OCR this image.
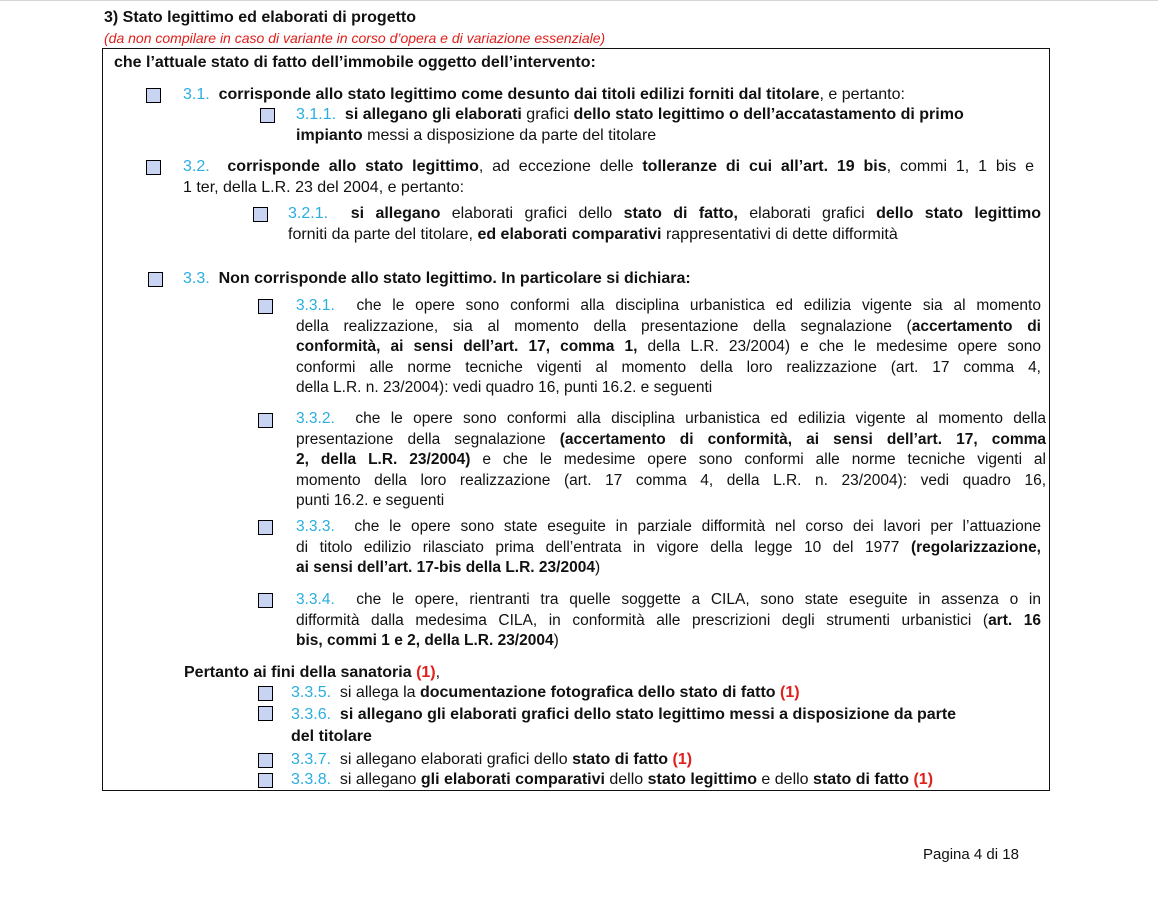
3) Stato legittimo ed elaborati di progetto
(da non compilare in caso di variante in corso d’opera e di variazione essenziale)
che l’attuale stato di fatto dell’immobile oggetto dell’intervento:
3.1. corrisponde allo stato legittimo come desunto dai titoli edilizi forniti dal titolare, e pertanto:
3.1.1. si allegano gli elaborati grafici dello stato legittimo o dell’accatastamento di primo
impianto messi a disposizione da parte del titolare
3.2. corrisponde allo stato legittimo, ad eccezione delle tolleranze di cui all’art. 19 bis, commi 1, 1 bis e
1 ter, della L.R. 23 del 2004, e pertanto:
3.2.1. si allegano elaborati grafici dello stato di fatto, elaborati grafici dello stato legittimo
forniti da parte del titolare, ed elaborati comparativi rappresentativi di dette difformità
3.3. Non corrisponde allo stato legittimo. In particolare si dichiara:
3.3.1. che le opere sono conformi alla disciplina urbanistica ed edilizia vigente sia al momento
della realizzazione, sia al momento della presentazione della segnalazione (accertamento di
conformità, ai sensi dell’art. 17, comma 1, della L.R. 23/2004) e che le medesime opere sono
conformi alle norme tecniche vigenti al momento della loro realizzazione (art. 17 comma 4,
della L.R. n. 23/2004): vedi quadro 16, punti 16.2. e seguenti
3.3.2. che le opere sono conformi alla disciplina urbanistica ed edilizia vigente al momento della
presentazione della segnalazione (accertamento di conformità, ai sensi dell’art. 17, comma
2, della L.R. 23/2004) e che le medesime opere sono conformi alle norme tecniche vigenti al
momento della loro realizzazione (art. 17 comma 4, della L.R. n. 23/2004): vedi quadro 16,
punti 16.2. e seguenti
3.3.3. che le opere sono state eseguite in parziale difformità nel corso dei lavori per l’attuazione
di titolo edilizio rilasciato prima dell’entrata in vigore della legge 10 del 1977 (regolarizzazione,
ai sensi dell’art. 17-bis della L.R. 23/2004)
3.3.4. che le opere, rientranti tra quelle soggette a CILA, sono state eseguite in assenza o in
difformità dalla medesima CILA, in conformità alle prescrizioni degli strumenti urbanistici (art. 16
bis, commi 1 e 2, della L.R. 23/2004)
Pertanto ai fini della sanatoria (1),
3.3.5. si allega la documentazione fotografica dello stato di fatto (1)
3.3.6. si allegano gli elaborati grafici dello stato legittimo messi a disposizione da parte
del titolare
3.3.7. si allegano elaborati grafici dello stato di fatto (1)
3.3.8. si allegano gli elaborati comparativi dello stato legittimo e dello stato di fatto (1)
Pagina 4 di 18
